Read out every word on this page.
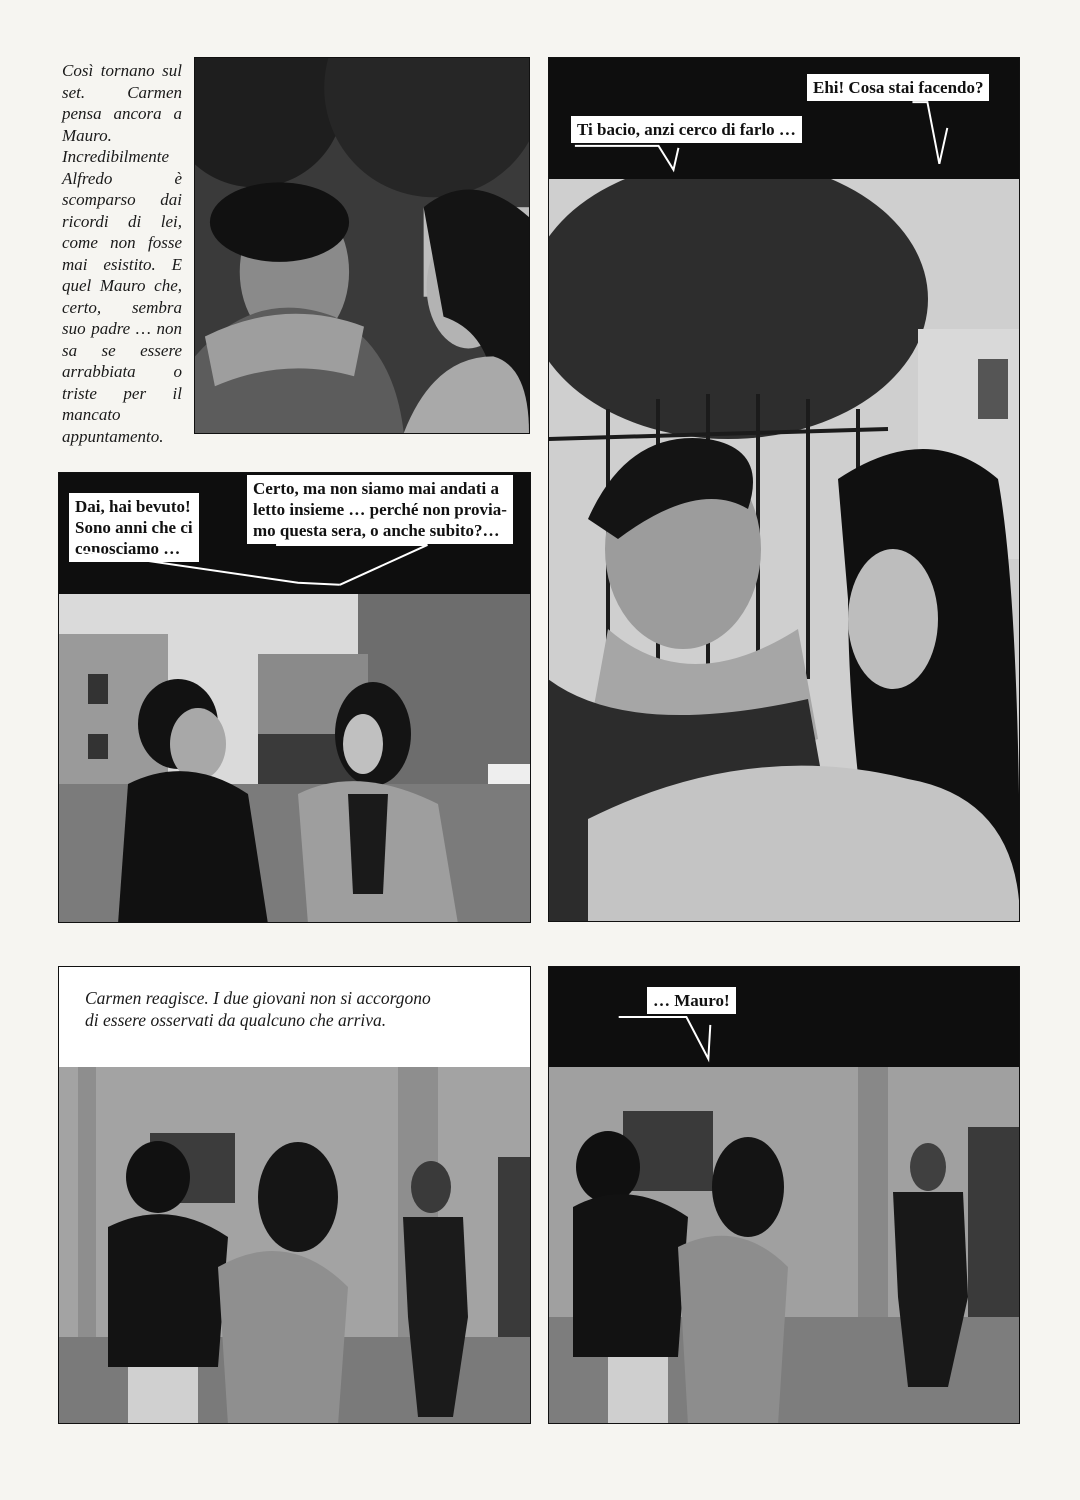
Così tornano sul set. Carmen pensa ancora a Mauro. Incredibilmente Alfredo è scomparso dai ricordi di lei, come non fosse mai esistito. E quel Mauro che, certo, sembra suo padre … non sa se essere arrabbiata o triste per il mancato appuntamento.
Ti bacio, anzi cerco di farlo …
Ehi! Cosa stai facendo?
Dai, hai bevuto!
Sono anni che ci
conosciamo …
Certo, ma non siamo mai andati a
letto insieme … perché non provia-
mo questa sera, o anche subito?…
Carmen reagisce. I due giovani non si accorgono
di essere osservati da qualcuno che arriva.
… Mauro!
